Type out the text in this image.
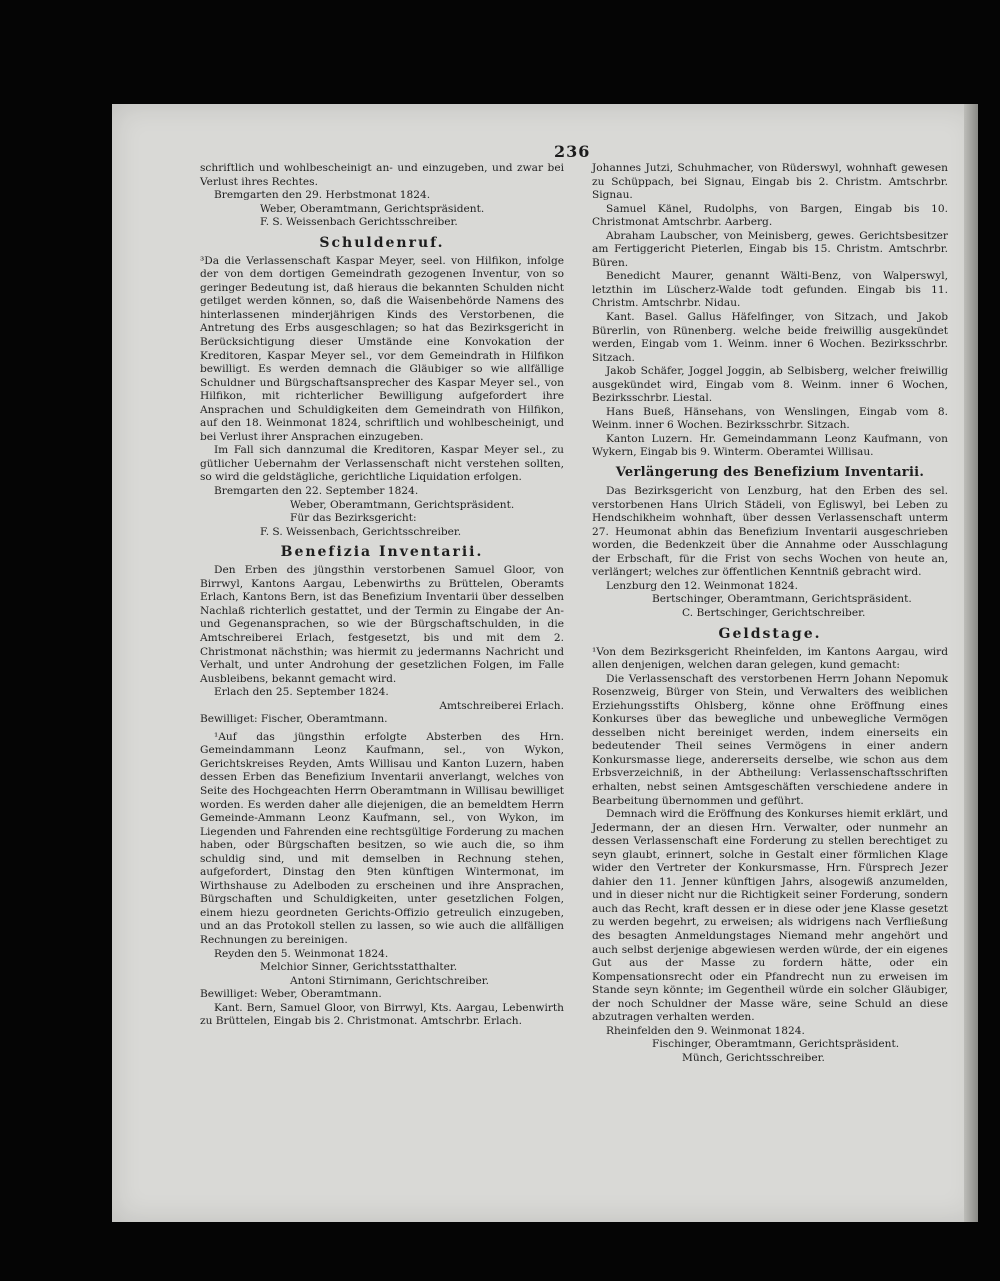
236

schriftlich und wohlbescheinigt an- und einzugeben, und zwar bei Verlust ihres Rechtes.

Bremgarten den 29. Herbstmonat 1824.

Weber, Oberamtmann, Gerichtspräsident.

F. S. Weissenbach Gerichtsschreiber.

Schuldenruf.

³Da die Verlassenschaft Kaspar Meyer, seel. von Hilfikon, infolge der von dem dortigen Gemeindrath gezogenen Inventur, von so geringer Bedeutung ist, daß hieraus die bekannten Schulden nicht getilget werden können, so, daß die Waisenbehörde Namens des hinterlassenen minderjährigen Kinds des Verstorbenen, die Antretung des Erbs ausgeschlagen; so hat das Bezirksgericht in Berücksichtigung dieser Umstände eine Konvokation der Kreditoren, Kaspar Meyer sel., vor dem Gemeindrath in Hilfikon bewilligt. Es werden demnach die Gläubiger so wie allfällige Schuldner und Bürgschaftsansprecher des Kaspar Meyer sel., von Hilfikon, mit richterlicher Bewilligung aufgefordert ihre Ansprachen und Schuldigkeiten dem Gemeindrath von Hilfikon, auf den 18. Weinmonat 1824, schriftlich und wohlbescheinigt, und bei Verlust ihrer Ansprachen einzugeben.

Im Fall sich dannzumal die Kreditoren, Kaspar Meyer sel., zu gütlicher Uebernahm der Verlassenschaft nicht verstehen sollten, so wird die geldstägliche, gerichtliche Liquidation erfolgen.

Bremgarten den 22. September 1824.

Weber, Oberamtmann, Gerichtspräsident.

Für das Bezirksgericht:

F. S. Weissenbach, Gerichtsschreiber.

Benefizia Inventarii.

Den Erben des jüngsthin verstorbenen Samuel Gloor, von Birrwyl, Kantons Aargau, Lebenwirths zu Brüttelen, Oberamts Erlach, Kantons Bern, ist das Benefizium Inventarii über desselben Nachlaß richterlich gestattet, und der Termin zu Eingabe der An- und Gegenansprachen, so wie der Bürgschaftschulden, in die Amtschreiberei Erlach, festgesetzt, bis und mit dem 2. Christmonat nächsthin; was hiermit zu jedermanns Nachricht und Verhalt, und unter Androhung der gesetzlichen Folgen, im Falle Ausbleibens, bekannt gemacht wird.

Erlach den 25. September 1824.

Amtschreiberei Erlach.

Bewilliget: Fischer, Oberamtmann.

¹Auf das jüngsthin erfolgte Absterben des Hrn. Gemeindammann Leonz Kaufmann, sel., von Wykon, Gerichtskreises Reyden, Amts Willisau und Kanton Luzern, haben dessen Erben das Benefizium Inventarii anverlangt, welches von Seite des Hochgeachten Herrn Oberamtmann in Willisau bewilliget worden. Es werden daher alle diejenigen, die an bemeldtem Herrn Gemeinde-Ammann Leonz Kaufmann, sel., von Wykon, im Liegenden und Fahrenden eine rechtsgültige Forderung zu machen haben, oder Bürgschaften besitzen, so wie auch die, so ihm schuldig sind, und mit demselben in Rechnung stehen, aufgefordert, Dinstag den 9ten künftigen Wintermonat, im Wirthshause zu Adelboden zu erscheinen und ihre Ansprachen, Bürgschaften und Schuldigkeiten, unter gesetzlichen Folgen, einem hiezu geordneten Gerichts-Offizio getreulich einzugeben, und an das Protokoll stellen zu lassen, so wie auch die allfälligen Rechnungen zu bereinigen.

Reyden den 5. Weinmonat 1824.

Melchior Sinner, Gerichtsstatthalter.

Antoni Stirnimann, Gerichtschreiber.

Bewilliget: Weber, Oberamtmann.

Kant. Bern, Samuel Gloor, von Birrwyl, Kts. Aargau, Lebenwirth zu Brüttelen, Eingab bis 2. Christmonat. Amtschrbr. Erlach.

Johannes Jutzi, Schuhmacher, von Rüderswyl, wohnhaft gewesen zu Schüppach, bei Signau, Eingab bis 2. Christm. Amtschrbr. Signau.

Samuel Känel, Rudolphs, von Bargen, Eingab bis 10. Christmonat Amtschrbr. Aarberg.

Abraham Laubscher, von Meinisberg, gewes. Gerichtsbesitzer am Fertiggericht Pieterlen, Eingab bis 15. Christm. Amtschrbr. Büren.

Benedicht Maurer, genannt Wälti-Benz, von Walperswyl, letzthin im Lüscherz-Walde todt gefunden. Eingab bis 11. Christm. Amtschrbr. Nidau.

Kant. Basel. Gallus Häfelfinger, von Sitzach, und Jakob Bürerlin, von Rünenberg. welche beide freiwillig ausgekündet werden, Eingab vom 1. Weinm. inner 6 Wochen. Bezirksschrbr. Sitzach.

Jakob Schäfer, Joggel Joggin, ab Selbisberg, welcher freiwillig ausgekündet wird, Eingab vom 8. Weinm. inner 6 Wochen, Bezirksschrbr. Liestal.

Hans Bueß, Hänsehans, von Wenslingen, Eingab vom 8. Weinm. inner 6 Wochen. Bezirksschrbr. Sitzach.

Kanton Luzern. Hr. Gemeindammann Leonz Kaufmann, von Wykern, Eingab bis 9. Winterm. Oberamtei Willisau.

Verlängerung des Benefizium Inventarii.

Das Bezirksgericht von Lenzburg, hat den Erben des sel. verstorbenen Hans Ulrich Städeli, von Egliswyl, bei Leben zu Hendschikheim wohnhaft, über dessen Verlassenschaft unterm 27. Heumonat abhin das Benefizium Inventarii ausgeschrieben worden, die Bedenkzeit über die Annahme oder Ausschlagung der Erbschaft, für die Frist von sechs Wochen von heute an, verlängert; welches zur öffentlichen Kenntniß gebracht wird.

Lenzburg den 12. Weinmonat 1824.

Bertschinger, Oberamtmann, Gerichtspräsident.

C. Bertschinger, Gerichtschreiber.

Geldstage.

¹Von dem Bezirksgericht Rheinfelden, im Kantons Aargau, wird allen denjenigen, welchen daran gelegen, kund gemacht:

Die Verlassenschaft des verstorbenen Herrn Johann Nepomuk Rosenzweig, Bürger von Stein, und Verwalters des weiblichen Erziehungsstifts Ohlsberg, könne ohne Eröffnung eines Konkurses über das bewegliche und unbewegliche Vermögen desselben nicht bereiniget werden, indem einerseits ein bedeutender Theil seines Vermögens in einer andern Konkursmasse liege, andererseits derselbe, wie schon aus dem Erbsverzeichniß, in der Abtheilung: Verlassenschaftsschriften erhalten, nebst seinen Amtsgeschäften verschiedene andere in Bearbeitung übernommen und geführt.

Demnach wird die Eröffnung des Konkurses hiemit erklärt, und Jedermann, der an diesen Hrn. Verwalter, oder nunmehr an dessen Verlassenschaft eine Forderung zu stellen berechtiget zu seyn glaubt, erinnert, solche in Gestalt einer förmlichen Klage wider den Vertreter der Konkursmasse, Hrn. Fürsprech Jezer dahier den 11. Jenner künftigen Jahrs, alsogewiß anzumelden, und in dieser nicht nur die Richtigkeit seiner Forderung, sondern auch das Recht, kraft dessen er in diese oder jene Klasse gesetzt zu werden begehrt, zu erweisen; als widrigens nach Verfließung des besagten Anmeldungstages Niemand mehr angehört und auch selbst derjenige abgewiesen werden würde, der ein eigenes Gut aus der Masse zu fordern hätte, oder ein Kompensationsrecht oder ein Pfandrecht nun zu erweisen im Stande seyn könnte; im Gegentheil würde ein solcher Gläubiger, der noch Schuldner der Masse wäre, seine Schuld an diese abzutragen verhalten werden.

Rheinfelden den 9. Weinmonat 1824.

Fischinger, Oberamtmann, Gerichtspräsident.

Münch, Gerichtsschreiber.
